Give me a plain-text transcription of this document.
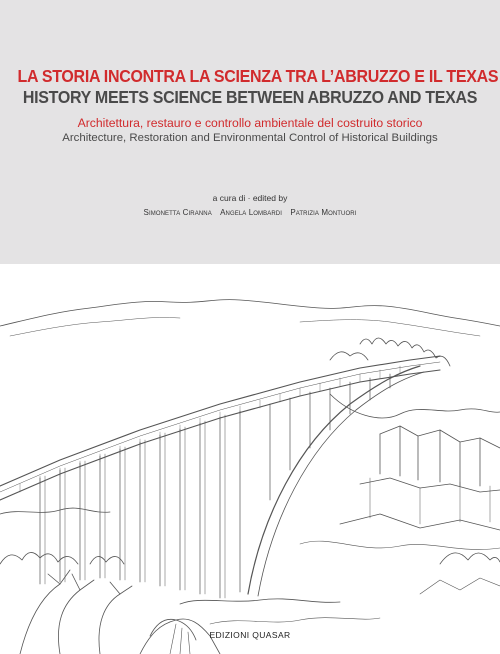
LA STORIA INCONTRA LA SCIENZA TRA L’ABRUZZO E IL TEXAS
HISTORY MEETS SCIENCE BETWEEN ABRUZZO AND TEXAS
Architettura, restauro e controllo ambientale del costruito storico
Architecture, Restoration and Environmental Control of Historical Buildings
a cura di · edited by
Simonetta Ciranna Angela Lombardi Patrizia Montuori
EDIZIONI QUASAR
